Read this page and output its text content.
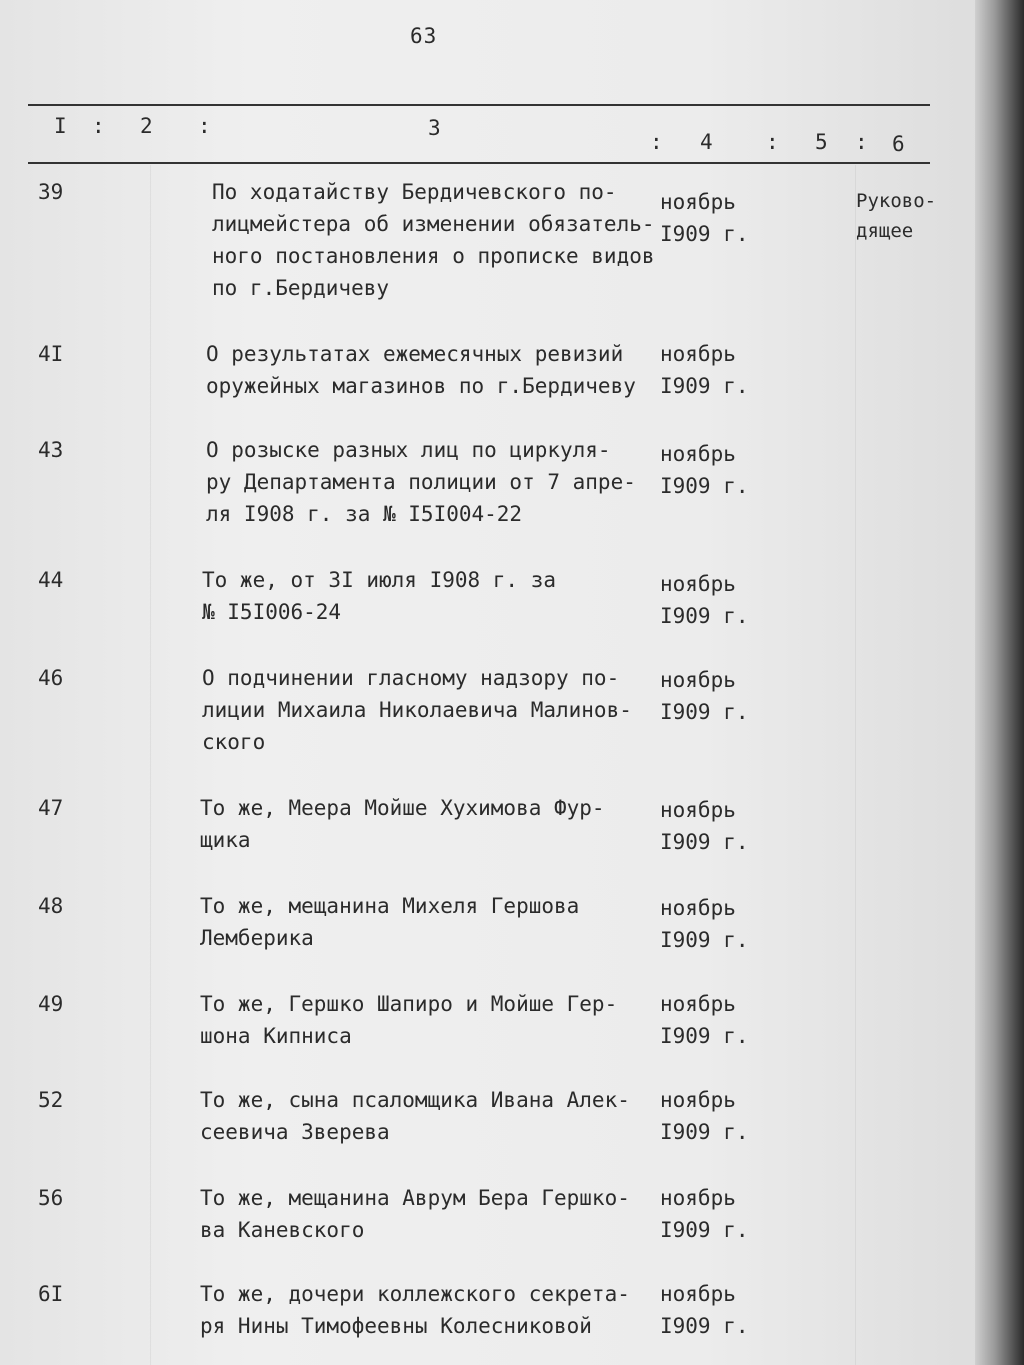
63
I : 2 :	3
: 4	: 5 : 6
39	По ходатайству Бердичевского по-
лицмейстера об изменении обязатель-
ного постановления о прописке видов
по г.Бердичеву
ноябрь
I909 г.
Руково-
дящее
4I	О результатах ежемесячных ревизий
оружейных магазинов по г.Бердичеву
ноябрь
I909 г.
43	О розыске разных лиц по циркуля-
ру Департамента полиции от 7 апре-
ля I908 г. за № I5I004-22
ноябрь
I909 г.
44	То же, от 3I июля I908 г. за
№ I5I006-24
ноябрь
I909 г.
46	О подчинении гласному надзору по-
лиции Михаила Николаевича Малинов-
ского
ноябрь
I909 г.
47	То же, Меера Мойше Хухимова Фур-
щика
ноябрь
I909 г.
48	То же, мещанина Михеля Гершова
Лемберика
ноябрь
I909 г.
49	То же, Гершко Шапиро и Мойше Гер-
шона Кипниса
ноябрь
I909 г.
52	То же, сына псаломщика Ивана Алек-
сеевича Зверева
ноябрь
I909 г.
56	То же, мещанина Аврум Бера Гершко-
ва Каневского
ноябрь
I909 г.
6I	То же, дочери коллежского секрета-
ря Нины Тимофеевны Колесниковой
ноябрь
I909 г.
